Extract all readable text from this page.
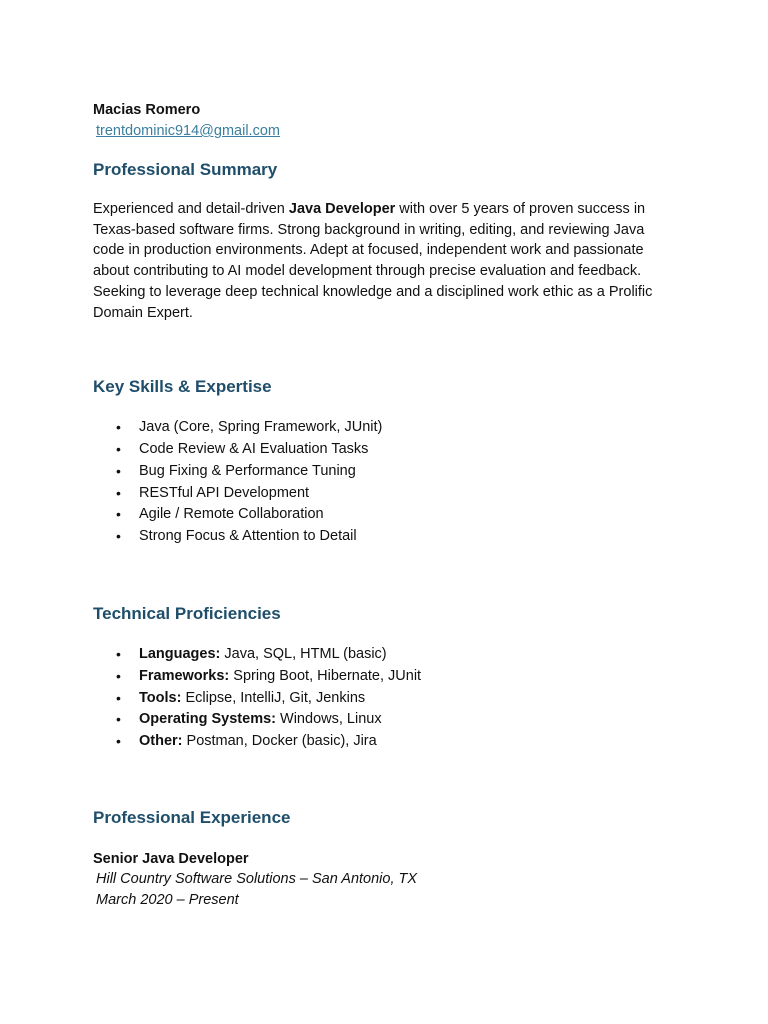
Macias Romero

trentdominic914@gmail.com
Professional Summary

Experienced and detail-driven Java Developer with over 5 years of proven success in Texas-based software firms. Strong background in writing, editing, and reviewing Java code in production environments. Adept at focused, independent work and passionate about contributing to AI model development through precise evaluation and feedback. Seeking to leverage deep technical knowledge and a disciplined work ethic as a Prolific Domain Expert.

Key Skills & Expertise
• Java (Core, Spring Framework, JUnit)
• Code Review & AI Evaluation Tasks
• Bug Fixing & Performance Tuning
• RESTful API Development
• Agile / Remote Collaboration
• Strong Focus & Attention to Detail
Technical Proficiencies
• Languages: Java, SQL, HTML (basic)
• Frameworks: Spring Boot, Hibernate, JUnit
• Tools: Eclipse, IntelliJ, Git, Jenkins
• Operating Systems: Windows, Linux
• Other: Postman, Docker (basic), Jira
Professional Experience

Senior Java Developer

Hill Country Software Solutions – San Antonio, TX

March 2020 – Present
